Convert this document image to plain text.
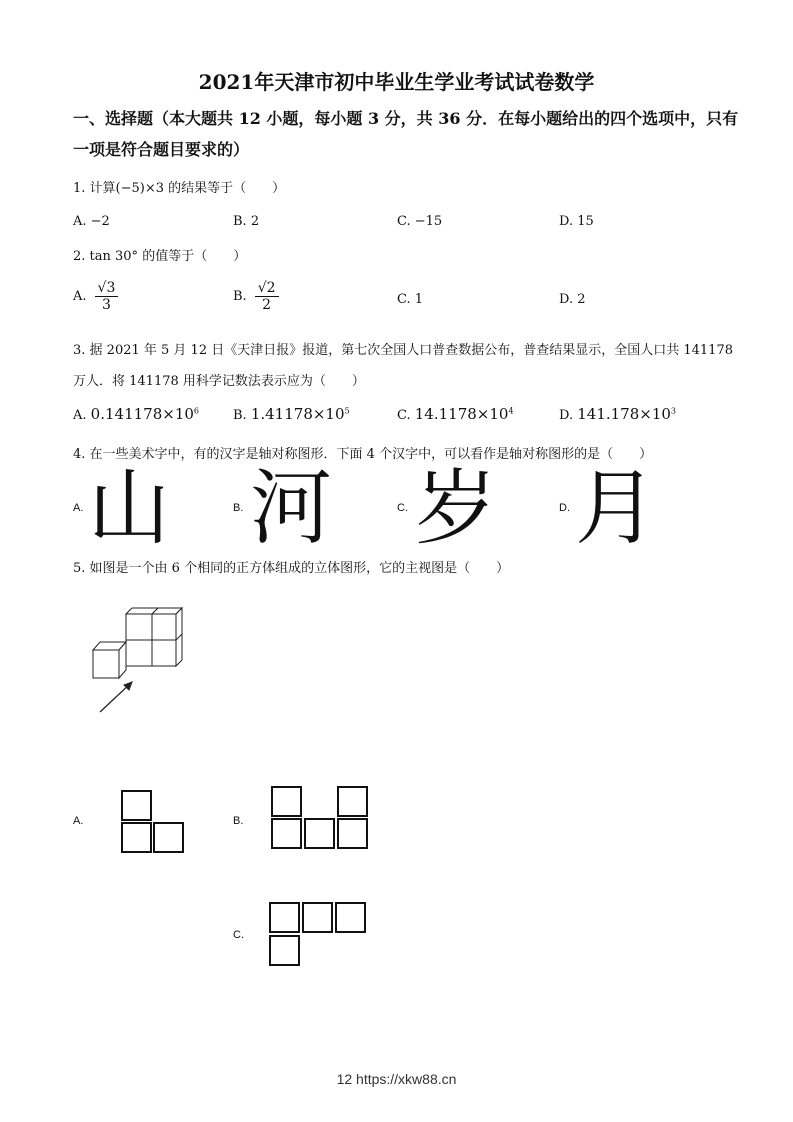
2021年天津市初中毕业生学业考试试卷数学
一、选择题（本大题共 12 小题，每小题 3 分，共 36 分．在每小题给出的四个选项中，只有
一项是符合题目要求的）
1. 计算(−5)×3 的结果等于（　　）
A. −2	B. 2	C. −15	D. 15
2. tan 30° 的值等于（　　）
A. $\frac{√3}{3}$	B. $\frac{√2}{2}$	C. 1	D. 2
3. 据 2021 年 5 月 12 日《天津日报》报道，第七次全国人口普查数据公布，普查结果显示，全国人口共 141178
万人．将 141178 用科学记数法表示应为（　　）
A. $0.141178\times 10^6$	B. $1.41178\times 10^5$	C. $14.1178\times 10^4$	D. $141.178\times 10^3$
4. 在一些美术字中，有的汉字是轴对称图形．下面 4 个汉字中，可以看作是轴对称图形的是（　　）
A. 山	B. 河	C. 岁	D. 月
5. 如图是一个由 6 个相同的正方体组成的立体图形，它的主视图是（　　）
A.	B.
C.
12 https://xkw88.cn
